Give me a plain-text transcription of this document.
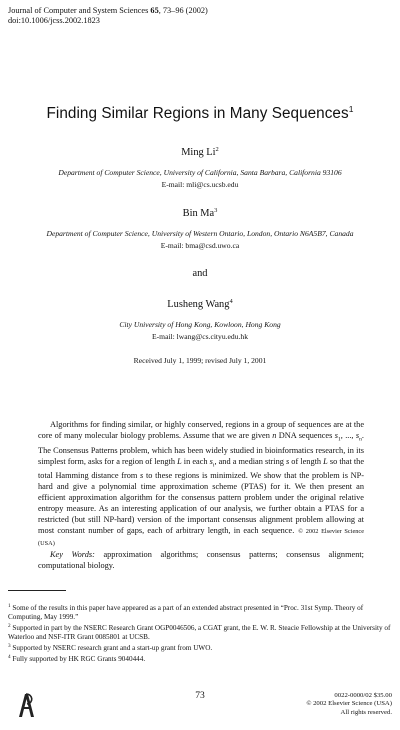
Journal of Computer and System Sciences 65, 73–96 (2002)
doi:10.1006/jcss.2002.1823
Finding Similar Regions in Many Sequences$^1$
Ming Li$^2$
Department of Computer Science, University of California, Santa Barbara, California 93106
E-mail: mli@cs.ucsb.edu
Bin Ma$^3$
Department of Computer Science, University of Western Ontario, London, Ontario N6A5B7, Canada
E-mail: bma@csd.uwo.ca
and
Lusheng Wang$^4$
City University of Hong Kong, Kowloon, Hong Kong
E-mail: lwang@cs.cityu.edu.hk
Received July 1, 1999; revised July 1, 2001

Algorithms for finding similar, or highly conserved, regions in a group of sequences are at the core of many molecular biology problems. Assume that we are given n DNA sequences $s_1$, ..., $s_n$. The Consensus Patterns problem, which has been widely studied in bioinformatics research, in its simplest form, asks for a region of length L in each $s_i$, and a median string s of length L so that the total Hamming distance from s to these regions is minimized. We show that the problem is NP-hard and give a polynomial time approximation scheme (PTAS) for it. We then present an efficient approximation algorithm for the consensus pattern problem under the original relative entropy measure. As an interesting application of our analysis, we further obtain a PTAS for a restricted (but still NP-hard) version of the important consensus alignment problem allowing at most constant number of gaps, each of arbitrary length, in each sequence. © 2002 Elsevier Science (USA)

Key Words: approximation algorithms; consensus patterns; consensus alignment; computational biology.

$^1$ Some of the results in this paper have appeared as a part of an extended abstract presented in “Proc. 31st Symp. Theory of Computing, May 1999.”

$^2$ Supported in part by the NSERC Research Grant OGP0046506, a CGAT grant, the E. W. R. Steacie Fellowship at the University of Waterloo and NSF-ITR Grant 0085801 at UCSB.

$^3$ Supported by NSERC research grant and a start-up grant from UWO.

$^4$ Fully supported by HK RGC Grants 9040444.

73	0022-0000/02 $35.00
© 2002 Elsevier Science (USA)
All rights reserved.
